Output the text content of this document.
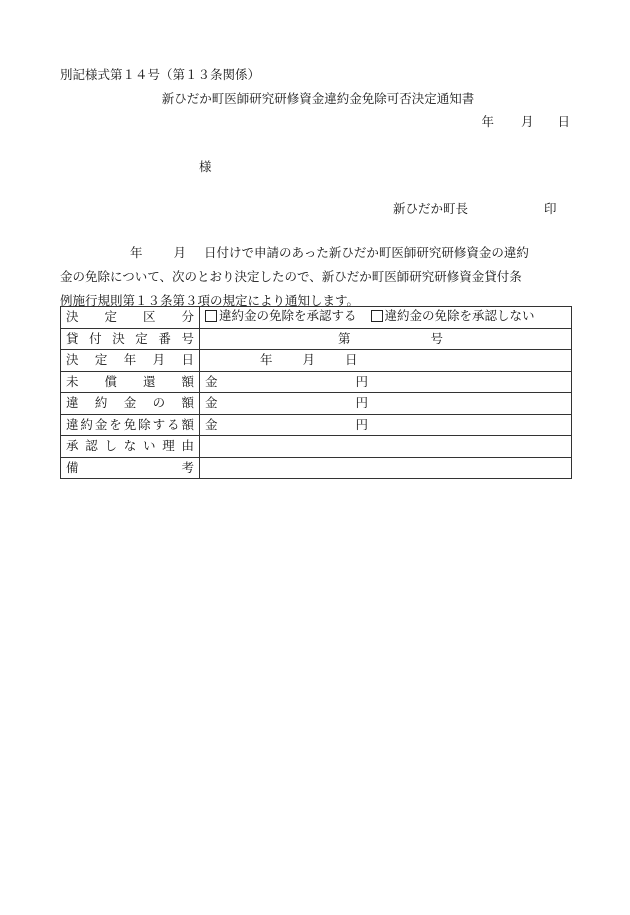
別記様式第１４号（第１３条関係）
新ひだか町医師研究研修資金違約金免除可否決定通知書
年 月 日
様
新ひだか町長	印
年 月 日付けで申請のあった新ひだか町医師研究研修資金の違約
金の免除について、次のとおり決定したので、新ひだか町医師研究研修資金貸付条
例施行規則第１３条第３項の規定により通知します。
決定区分	違約金の免除を承認する 違約金の免除を承認しない

貸付決定番号	第 号
決定年月日	年 月 日
未償還額	金 円
違約金の額	金 円
違約金を免除する額	金 円
承認しない理由	
備考	
